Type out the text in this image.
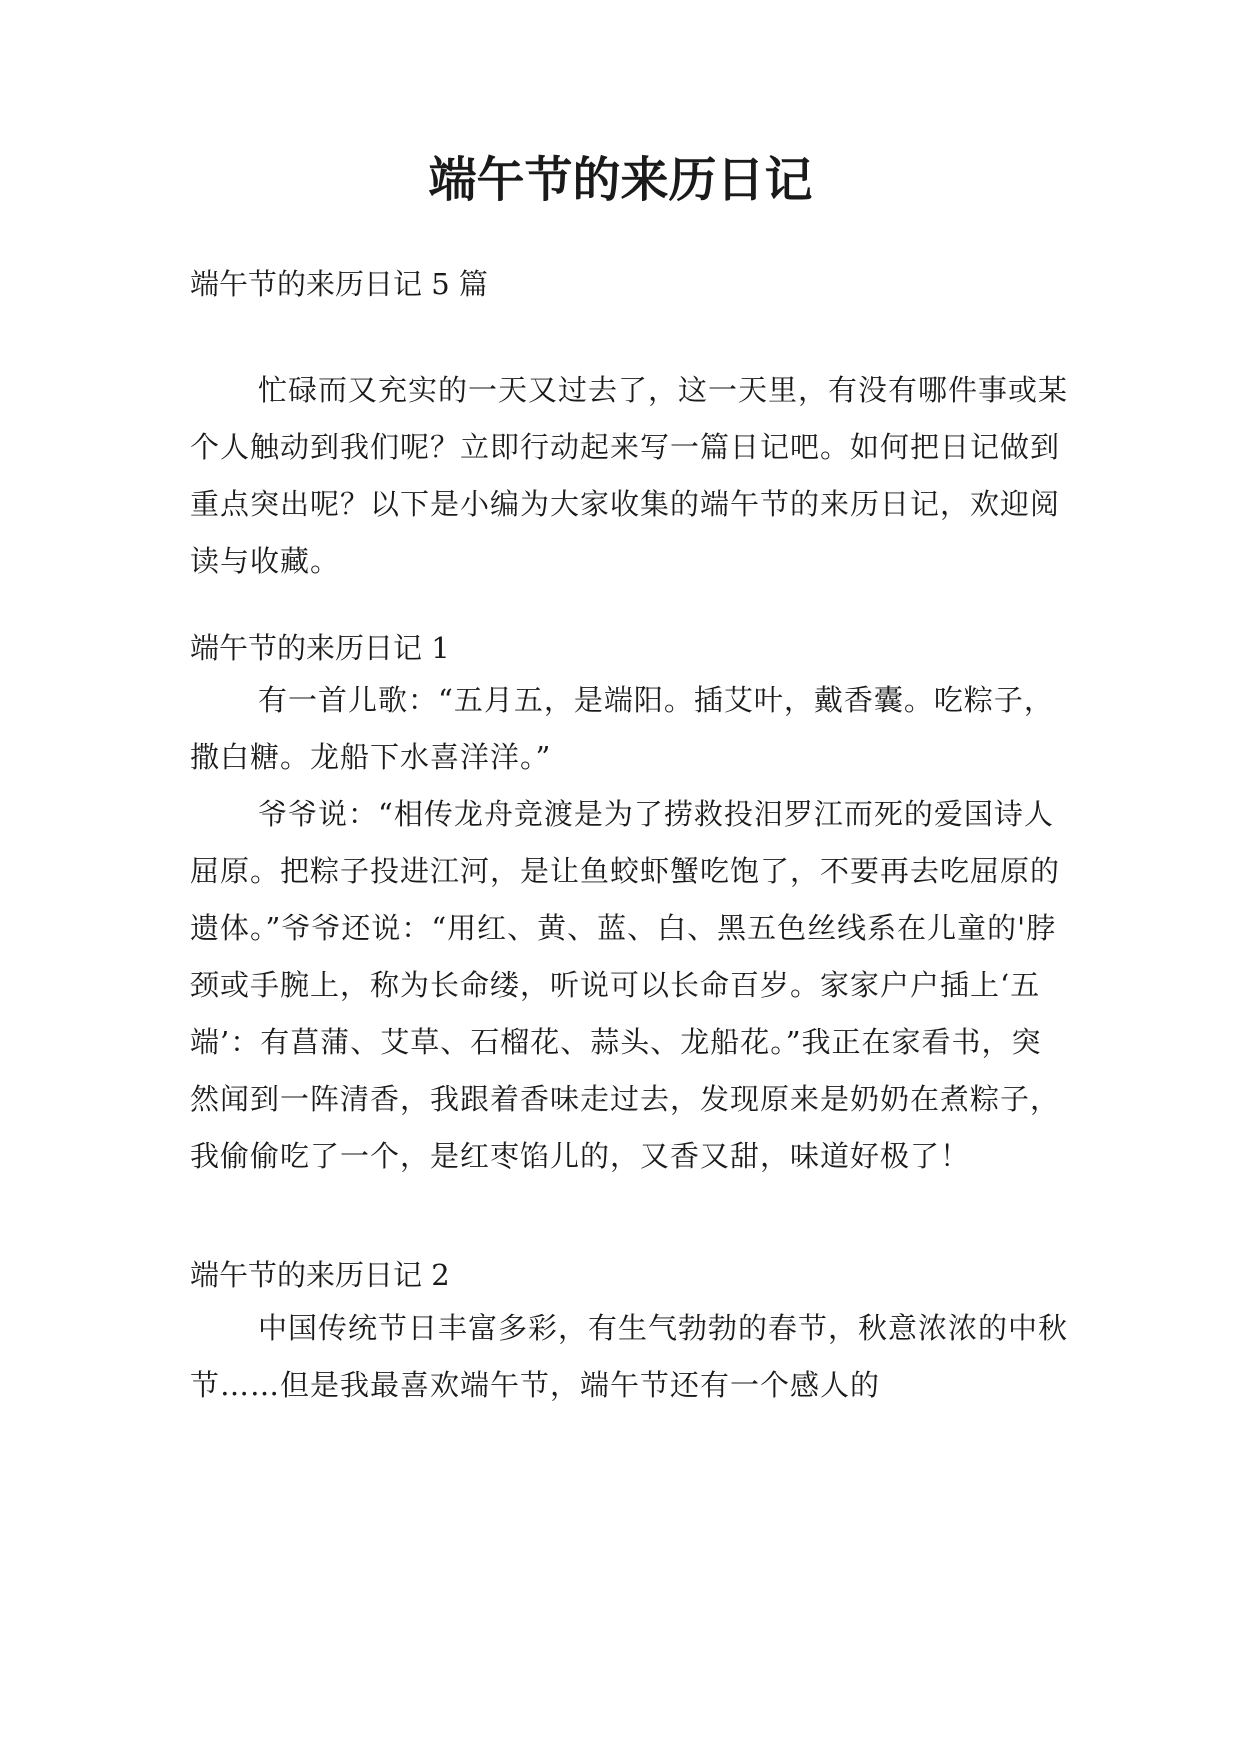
端午节的来历日记

端午节的来历日记 5 篇

忙碌而又充实的一天又过去了，这一天里，有没有哪件事或某个人触动到我们呢？立即行动起来写一篇日记吧。如何把日记做到重点突出呢？以下是小编为大家收集的端午节的来历日记，欢迎阅读与收藏。

端午节的来历日记 1

有一首儿歌：“五月五，是端阳。插艾叶，戴香囊。吃粽子，撒白糖。龙船下水喜洋洋。”

爷爷说：“相传龙舟竞渡是为了捞救投汨罗江而死的爱国诗人屈原。把粽子投进江河，是让鱼蛟虾蟹吃饱了，不要再去吃屈原的遗体。”爷爷还说：“用红、黄、蓝、白、黑五色丝线系在儿童的'脖颈或手腕上，称为长命缕，听说可以长命百岁。家家户户插上‘五端’：有菖蒲、艾草、石榴花、蒜头、龙船花。”我正在家看书，突然闻到一阵清香，我跟着香味走过去，发现原来是奶奶在煮粽子，我偷偷吃了一个，是红枣馅儿的，又香又甜，味道好极了！

端午节的来历日记 2

中国传统节日丰富多彩，有生气勃勃的春节，秋意浓浓的中秋节……但是我最喜欢端午节，端午节还有一个感人的
